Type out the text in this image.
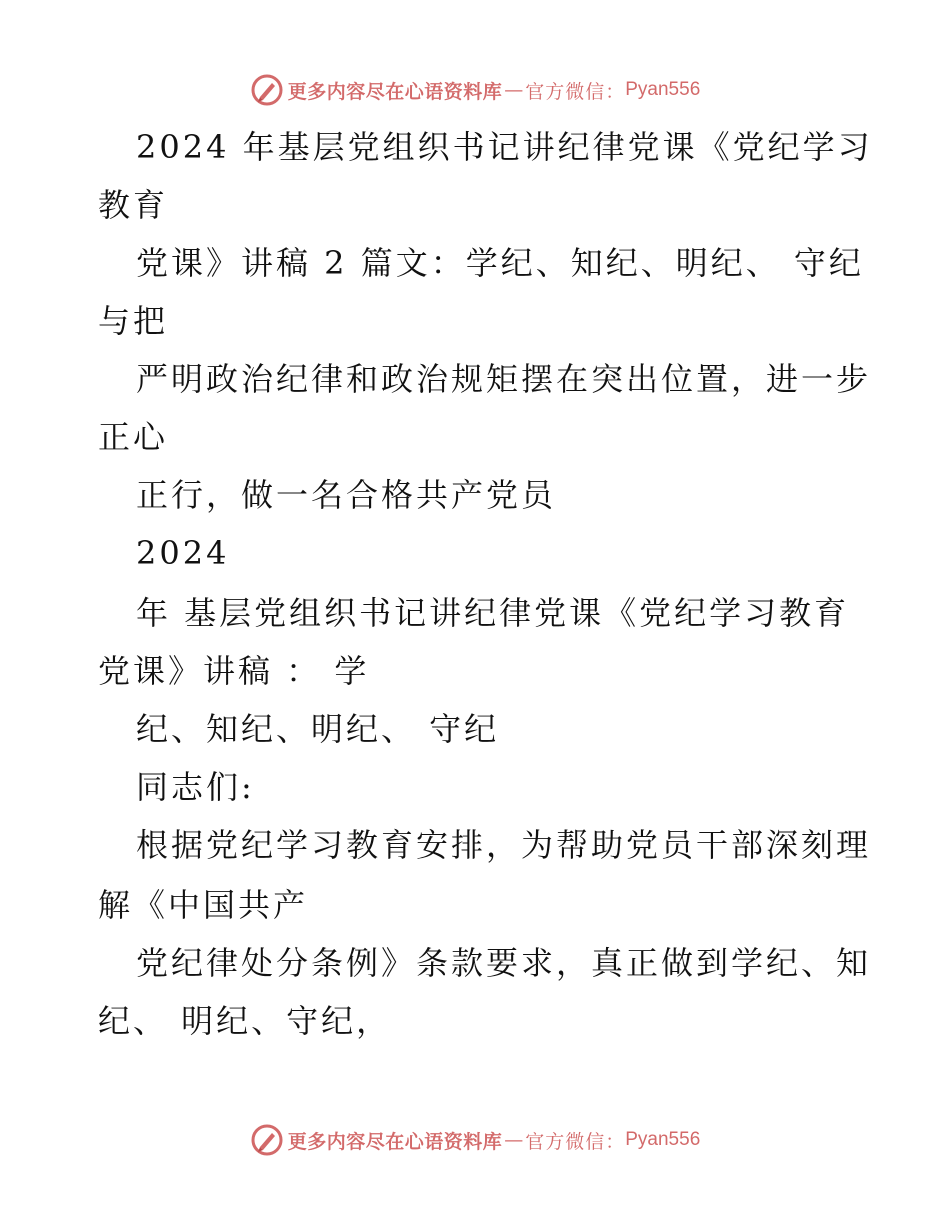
更多内容尽在心语资料库 — 官方微信： Pyan556
2024 年基层党组织书记讲纪律党课《党纪学习
教育
党课》讲稿 2 篇文：学纪、知纪、明纪、 守纪
与把
严明政治纪律和政治规矩摆在突出位置，进一步
正心
正行，做一名合格共产党员
2024
年 基层党组织书记讲纪律党课《党纪学习教育
党课》讲稿 ： 学
纪、知纪、明纪、 守纪
同志们:
根据党纪学习教育安排，为帮助党员干部深刻理
解《中国共产
党纪律处分条例》条款要求，真正做到学纪、知
纪、 明纪、守纪，
更多内容尽在心语资料库 — 官方微信： Pyan556
